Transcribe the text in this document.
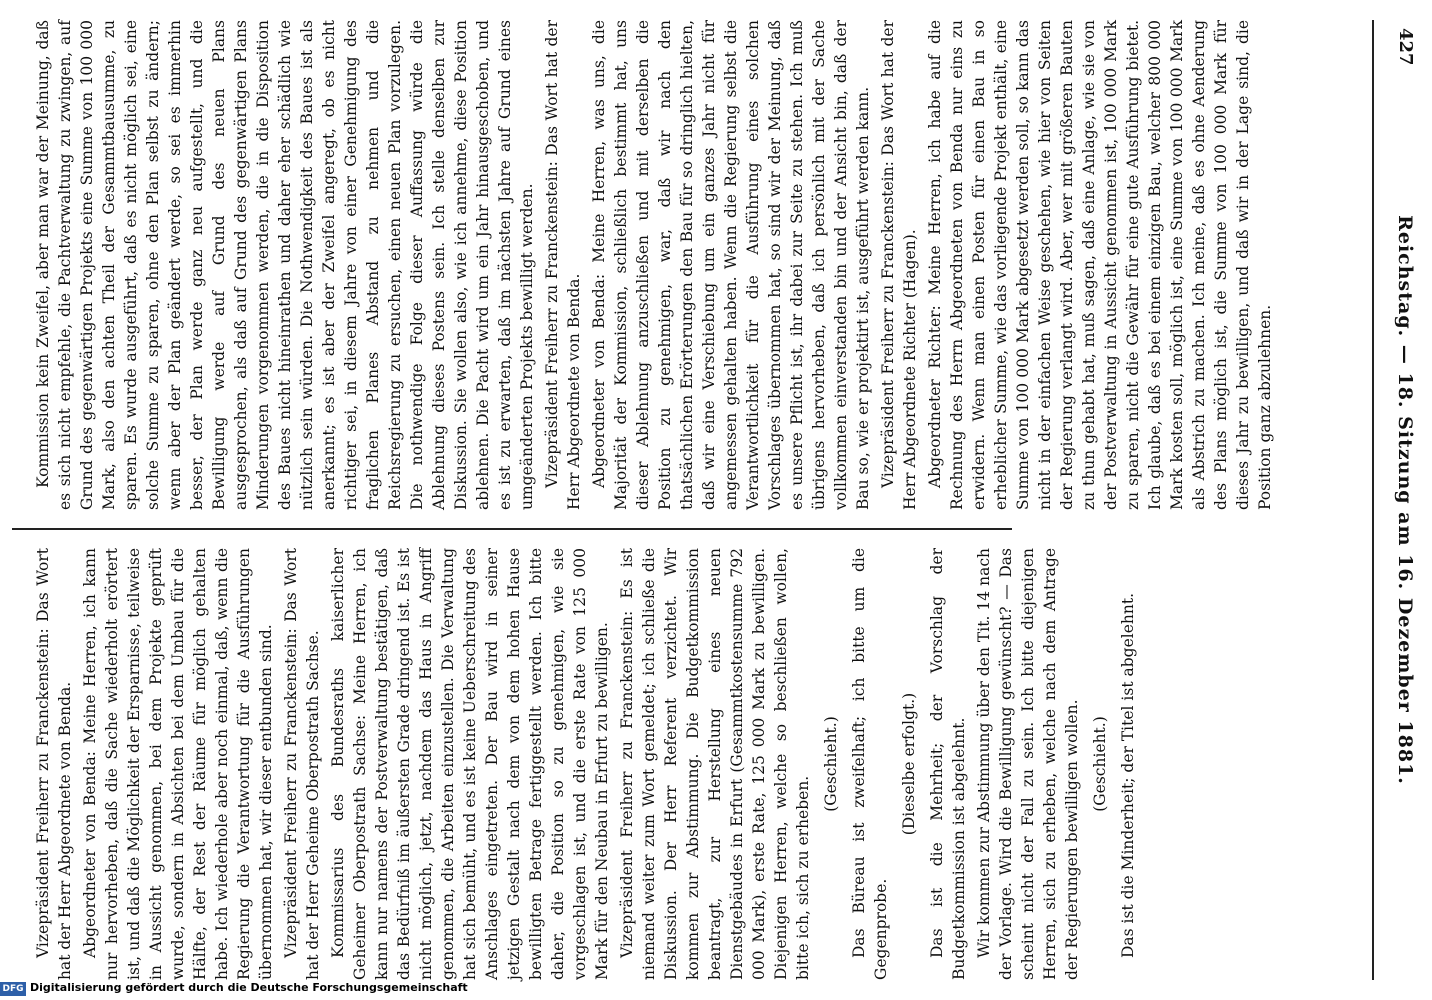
427
Reichstag. — 18. Sitzung am 16. Dezember 1881.

Vizepräsident Freiherr zu Franckenstein: Das Wort hat der Herr Abgeordnete von Benda. Abgeordneter von Benda: Meine Herren, ich kann nur hervorheben, daß die Sache wiederholt erörtert ist, und daß die Möglichkeit der Ersparnisse, teilweise in Aussicht genommen, bei dem Projekte geprüft wurde, sondern in Absichten bei dem Umbau für die Hälfte, der Rest der Räume für möglich gehalten habe. Ich wiederhole aber noch einmal, daß, wenn die Regierung die Verantwortung für die Ausführungen übernommen hat, wir dieser entbunden sind. Vizepräsident Freiherr zu Franckenstein: Das Wort hat der Herr Geheime Oberpostrath Sachse. Kommissarius des Bundesraths kaiserlicher Geheimer Oberpostrath Sachse: Meine Herren, ich kann nur namens der Postverwaltung bestätigen, daß das Bedürfniß im äußersten Grade dringend ist. Es ist nicht möglich, jetzt, nachdem das Haus in Angriff genommen, die Arbeiten einzustellen. Die Verwaltung hat sich bemüht, und es ist keine Ueberschreitung des Anschlages eingetreten. Der Bau wird in seiner jetzigen Gestalt nach dem von dem hohen Hause bewilligten Betrage fertiggestellt werden. Ich bitte daher, die Position so zu genehmigen, wie sie vorgeschlagen ist, und die erste Rate von 125 000 Mark für den Neubau in Erfurt zu bewilligen. Vizepräsident Freiherr zu Franckenstein: Es ist niemand weiter zum Wort gemeldet; ich schließe die Diskussion. Der Herr Referent verzichtet. Wir kommen zur Abstimmung. Die Budgetkommission beantragt, zur Herstellung eines neuen Dienstgebäudes in Erfurt (Gesammtkostensumme 792 000 Mark), erste Rate, 125 000 Mark zu bewilligen. Diejenigen Herren, welche so beschließen wollen, bitte ich, sich zu erheben.

(Geschieht.) Das Büreau ist zweifelhaft; ich bitte um die Gegenprobe.

(Dieselbe erfolgt.) Das ist die Mehrheit; der Vorschlag der Budgetkommission ist abgelehnt. Wir kommen zur Abstimmung über den Tit. 14 nach der Vorlage. Wird die Bewilligung gewünscht? — Das scheint nicht der Fall zu sein. Ich bitte diejenigen Herren, sich zu erheben, welche nach dem Antrage der Regierungen bewilligen wollen. (Geschieht.) Das ist die Minderheit; der Titel ist abgelehnt.

Kommission kein Zweifel, aber man war der Meinung, daß es sich nicht empfehle, die Pachtverwaltung zu zwingen, auf Grund des gegenwärtigen Projekts eine Summe von 100 000 Mark, also den achten Theil der Gesammtbausumme, zu sparen. Es wurde ausgeführt, daß es nicht möglich sei, eine solche Summe zu sparen, ohne den Plan selbst zu ändern; wenn aber der Plan geändert werde, so sei es immerhin besser, der Plan werde ganz neu aufgestellt, und die Bewilligung werde auf Grund des neuen Plans ausgesprochen, als daß auf Grund des gegenwärtigen Plans Minderungen vorgenommen werden, die in die Disposition des Baues nicht hineinrathen und daher eher schädlich wie nützlich sein würden. Die Nothwendigkeit des Baues ist als anerkannt; es ist aber der Zweifel angeregt, ob es nicht richtiger sei, in diesem Jahre von einer Genehmigung des fraglichen Planes Abstand zu nehmen und die Reichsregierung zu ersuchen, einen neuen Plan vorzulegen. Die nothwendige Folge dieser Auffassung würde die Ablehnung dieses Postens sein. Ich stelle denselben zur Diskussion. Sie wollen also, wie ich annehme, diese Position ablehnen. Die Pacht wird um ein Jahr hinausgeschoben, und es ist zu erwarten, daß im nächsten Jahre auf Grund eines umgeänderten Projekts bewilligt werden. Vizepräsident Freiherr zu Franckenstein: Das Wort hat der Herr Abgeordnete von Benda. Abgeordneter von Benda: Meine Herren, was uns, die Majorität der Kommission, schließlich bestimmt hat, uns dieser Ablehnung anzuschließen und mit derselben die Position zu genehmigen, war, daß wir nach den thatsächlichen Erörterungen den Bau für so dringlich hielten, daß wir eine Verschiebung um ein ganzes Jahr nicht für angemessen gehalten haben. Wenn die Regierung selbst die Verantwortlichkeit für die Ausführung eines solchen Vorschlages übernommen hat, so sind wir der Meinung, daß es unsere Pflicht ist, ihr dabei zur Seite zu stehen. Ich muß übrigens hervorheben, daß ich persönlich mit der Sache vollkommen einverstanden bin und der Ansicht bin, daß der Bau so, wie er projektirt ist, ausgeführt werden kann. Vizepräsident Freiherr zu Franckenstein: Das Wort hat der Herr Abgeordnete Richter (Hagen). Abgeordneter Richter: Meine Herren, ich habe auf die Rechnung des Herrn Abgeordneten von Benda nur eins zu erwidern. Wenn man einen Posten für einen Bau in so erheblicher Summe, wie das vorliegende Projekt enthält, eine Summe von 100 000 Mark abgesetzt werden soll, so kann das nicht in der einfachen Weise geschehen, wie hier von Seiten der Regierung verlangt wird. Aber, wer mit größeren Bauten zu thun gehabt hat, muß sagen, daß eine Anlage, wie sie von der Postverwaltung in Aussicht genommen ist, 100 000 Mark zu sparen, nicht die Gewähr für eine gute Ausführung bietet. Ich glaube, daß es bei einem einzigen Bau, welcher 800 000 Mark kosten soll, möglich ist, eine Summe von 100 000 Mark als Abstrich zu machen. Ich meine, daß es ohne Aenderung des Plans möglich ist, die Summe von 100 000 Mark für dieses Jahr zu bewilligen, und daß wir in der Lage sind, die Position ganz abzulehnen.

DFG Digitalisierung gefördert durch die Deutsche Forschungsgemeinschaft
